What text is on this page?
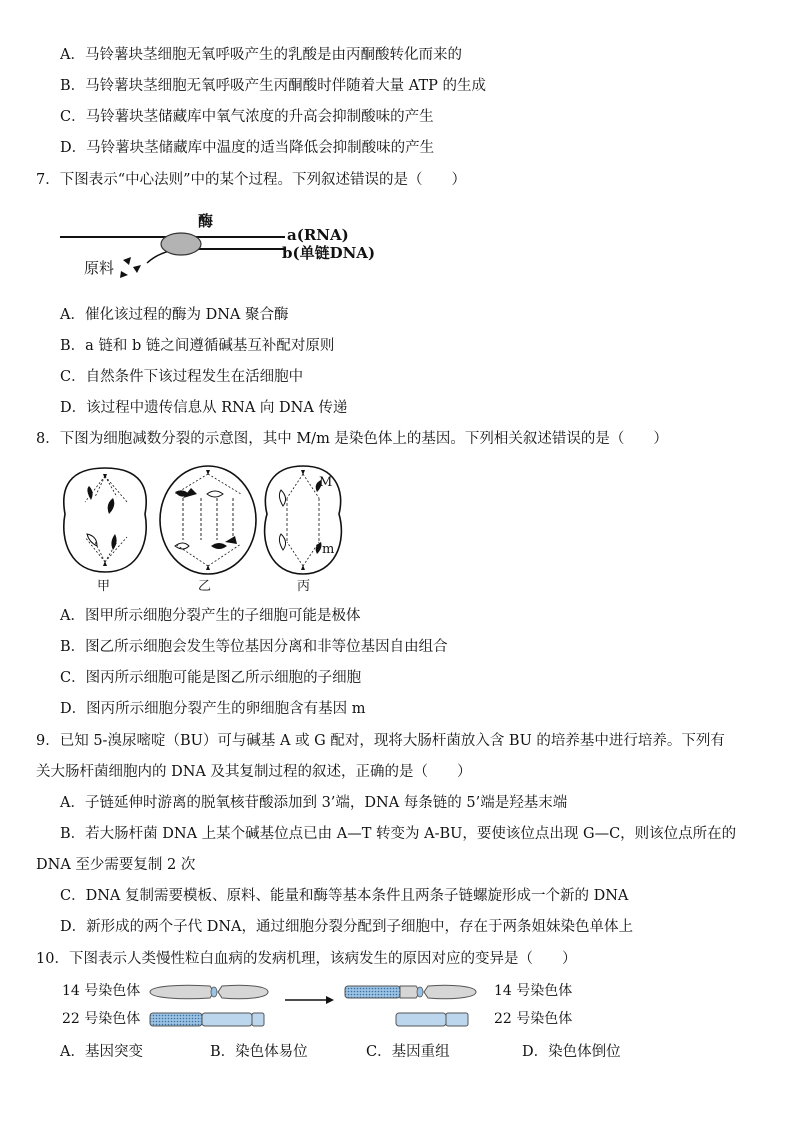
A．马铃薯块茎细胞无氧呼吸产生的乳酸是由丙酮酸转化而来的
B．马铃薯块茎细胞无氧呼吸产生丙酮酸时伴随着大量 ATP 的生成
C．马铃薯块茎储藏库中氧气浓度的升高会抑制酸味的产生
D．马铃薯块茎储藏库中温度的适当降低会抑制酸味的产生
7．下图表示“中心法则”中的某个过程。下列叙述错误的是（　　）
酶
a(RNA)
b(单链DNA)
原料
A．催化该过程的酶为 DNA 聚合酶
B．a 链和 b 链之间遵循碱基互补配对原则
C．自然条件下该过程发生在活细胞中
D．该过程中遗传信息从 RNA 向 DNA 传递
8．下图为细胞减数分裂的示意图，其中 M/m 是染色体上的基因。下列相关叙述错误的是（　　）
M
m
甲	乙	丙
A．图甲所示细胞分裂产生的子细胞可能是极体
B．图乙所示细胞会发生等位基因分离和非等位基因自由组合
C．图丙所示细胞可能是图乙所示细胞的子细胞
D．图丙所示细胞分裂产生的卵细胞含有基因 m
9．已知 5-溴尿嘧啶（BU）可与碱基 A 或 G 配对，现将大肠杆菌放入含 BU 的培养基中进行培养。下列有
关大肠杆菌细胞内的 DNA 及其复制过程的叙述，正确的是（　　）
A．子链延伸时游离的脱氧核苷酸添加到 3’端，DNA 每条链的 5’端是羟基末端
B．若大肠杆菌 DNA 上某个碱基位点已由 A—T 转变为 A-BU，要使该位点出现 G—C，则该位点所在的
DNA 至少需要复制 2 次
C．DNA 复制需要模板、原料、能量和酶等基本条件且两条子链螺旋形成一个新的 DNA
D．新形成的两个子代 DNA，通过细胞分裂分配到子细胞中，存在于两条姐妹染色单体上
10．下图表示人类慢性粒白血病的发病机理，该病发生的原因对应的变异是（　　）
14 号染色体
22 号染色体
14 号染色体
22 号染色体
A．基因突变	B．染色体易位	C．基因重组	D．染色体倒位
